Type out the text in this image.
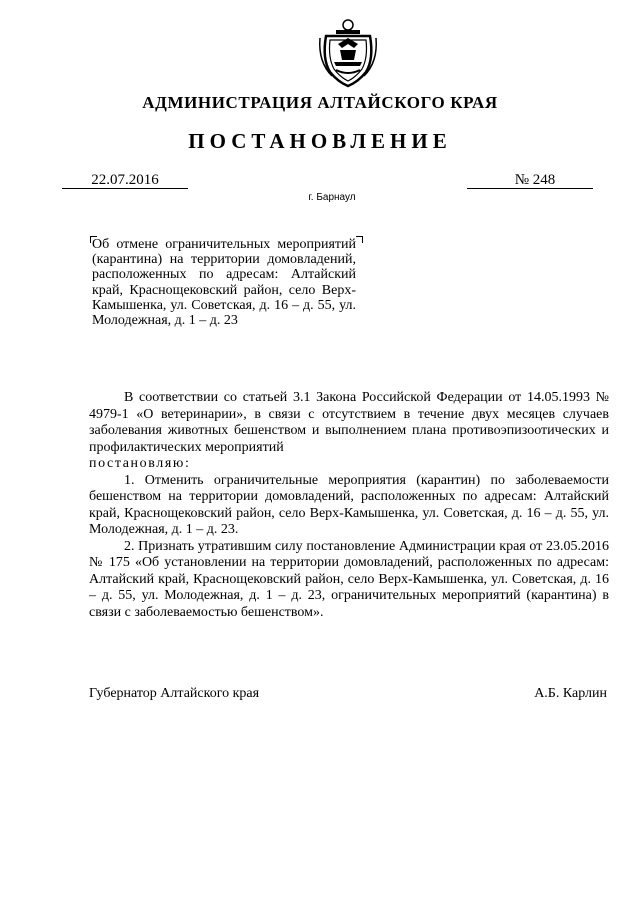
АДМИНИСТРАЦИЯ АЛТАЙСКОГО КРАЯ
ПОСТАНОВЛЕНИЕ
22.07.2016	№ 248
г. Барнаул
Об отмене ограничительных мероприятий (карантина) на территории домовладений, расположенных по адресам: Алтайский край, Краснощековский район, село Верх-Камышенка, ул. Советская, д. 16 – д. 55, ул. Молодежная, д. 1 – д. 23

В соответствии со статьей 3.1 Закона Российской Федерации от 14.05.1993 № 4979-1 «О ветеринарии», в связи с отсутствием в течение двух месяцев случаев заболевания животных бешенством и выполнением плана противоэпизоотических и профилактических мероприятий

постановляю:

1. Отменить ограничительные мероприятия (карантин) по заболеваемости бешенством на территории домовладений, расположенных по адресам: Алтайский край, Краснощековский район, село Верх-Камышенка, ул. Советская, д. 16 – д. 55, ул. Молодежная, д. 1 – д. 23.

2. Признать утратившим силу постановление Администрации края от 23.05.2016 № 175 «Об установлении на территории домовладений, расположенных по адресам: Алтайский край, Краснощековский район, село Верх-Камышенка, ул. Советская, д. 16 – д. 55, ул. Молодежная, д. 1 – д. 23, ограничительных мероприятий (карантина) в связи с заболеваемостью бешенством».

Губернатор Алтайского края	А.Б. Карлин
